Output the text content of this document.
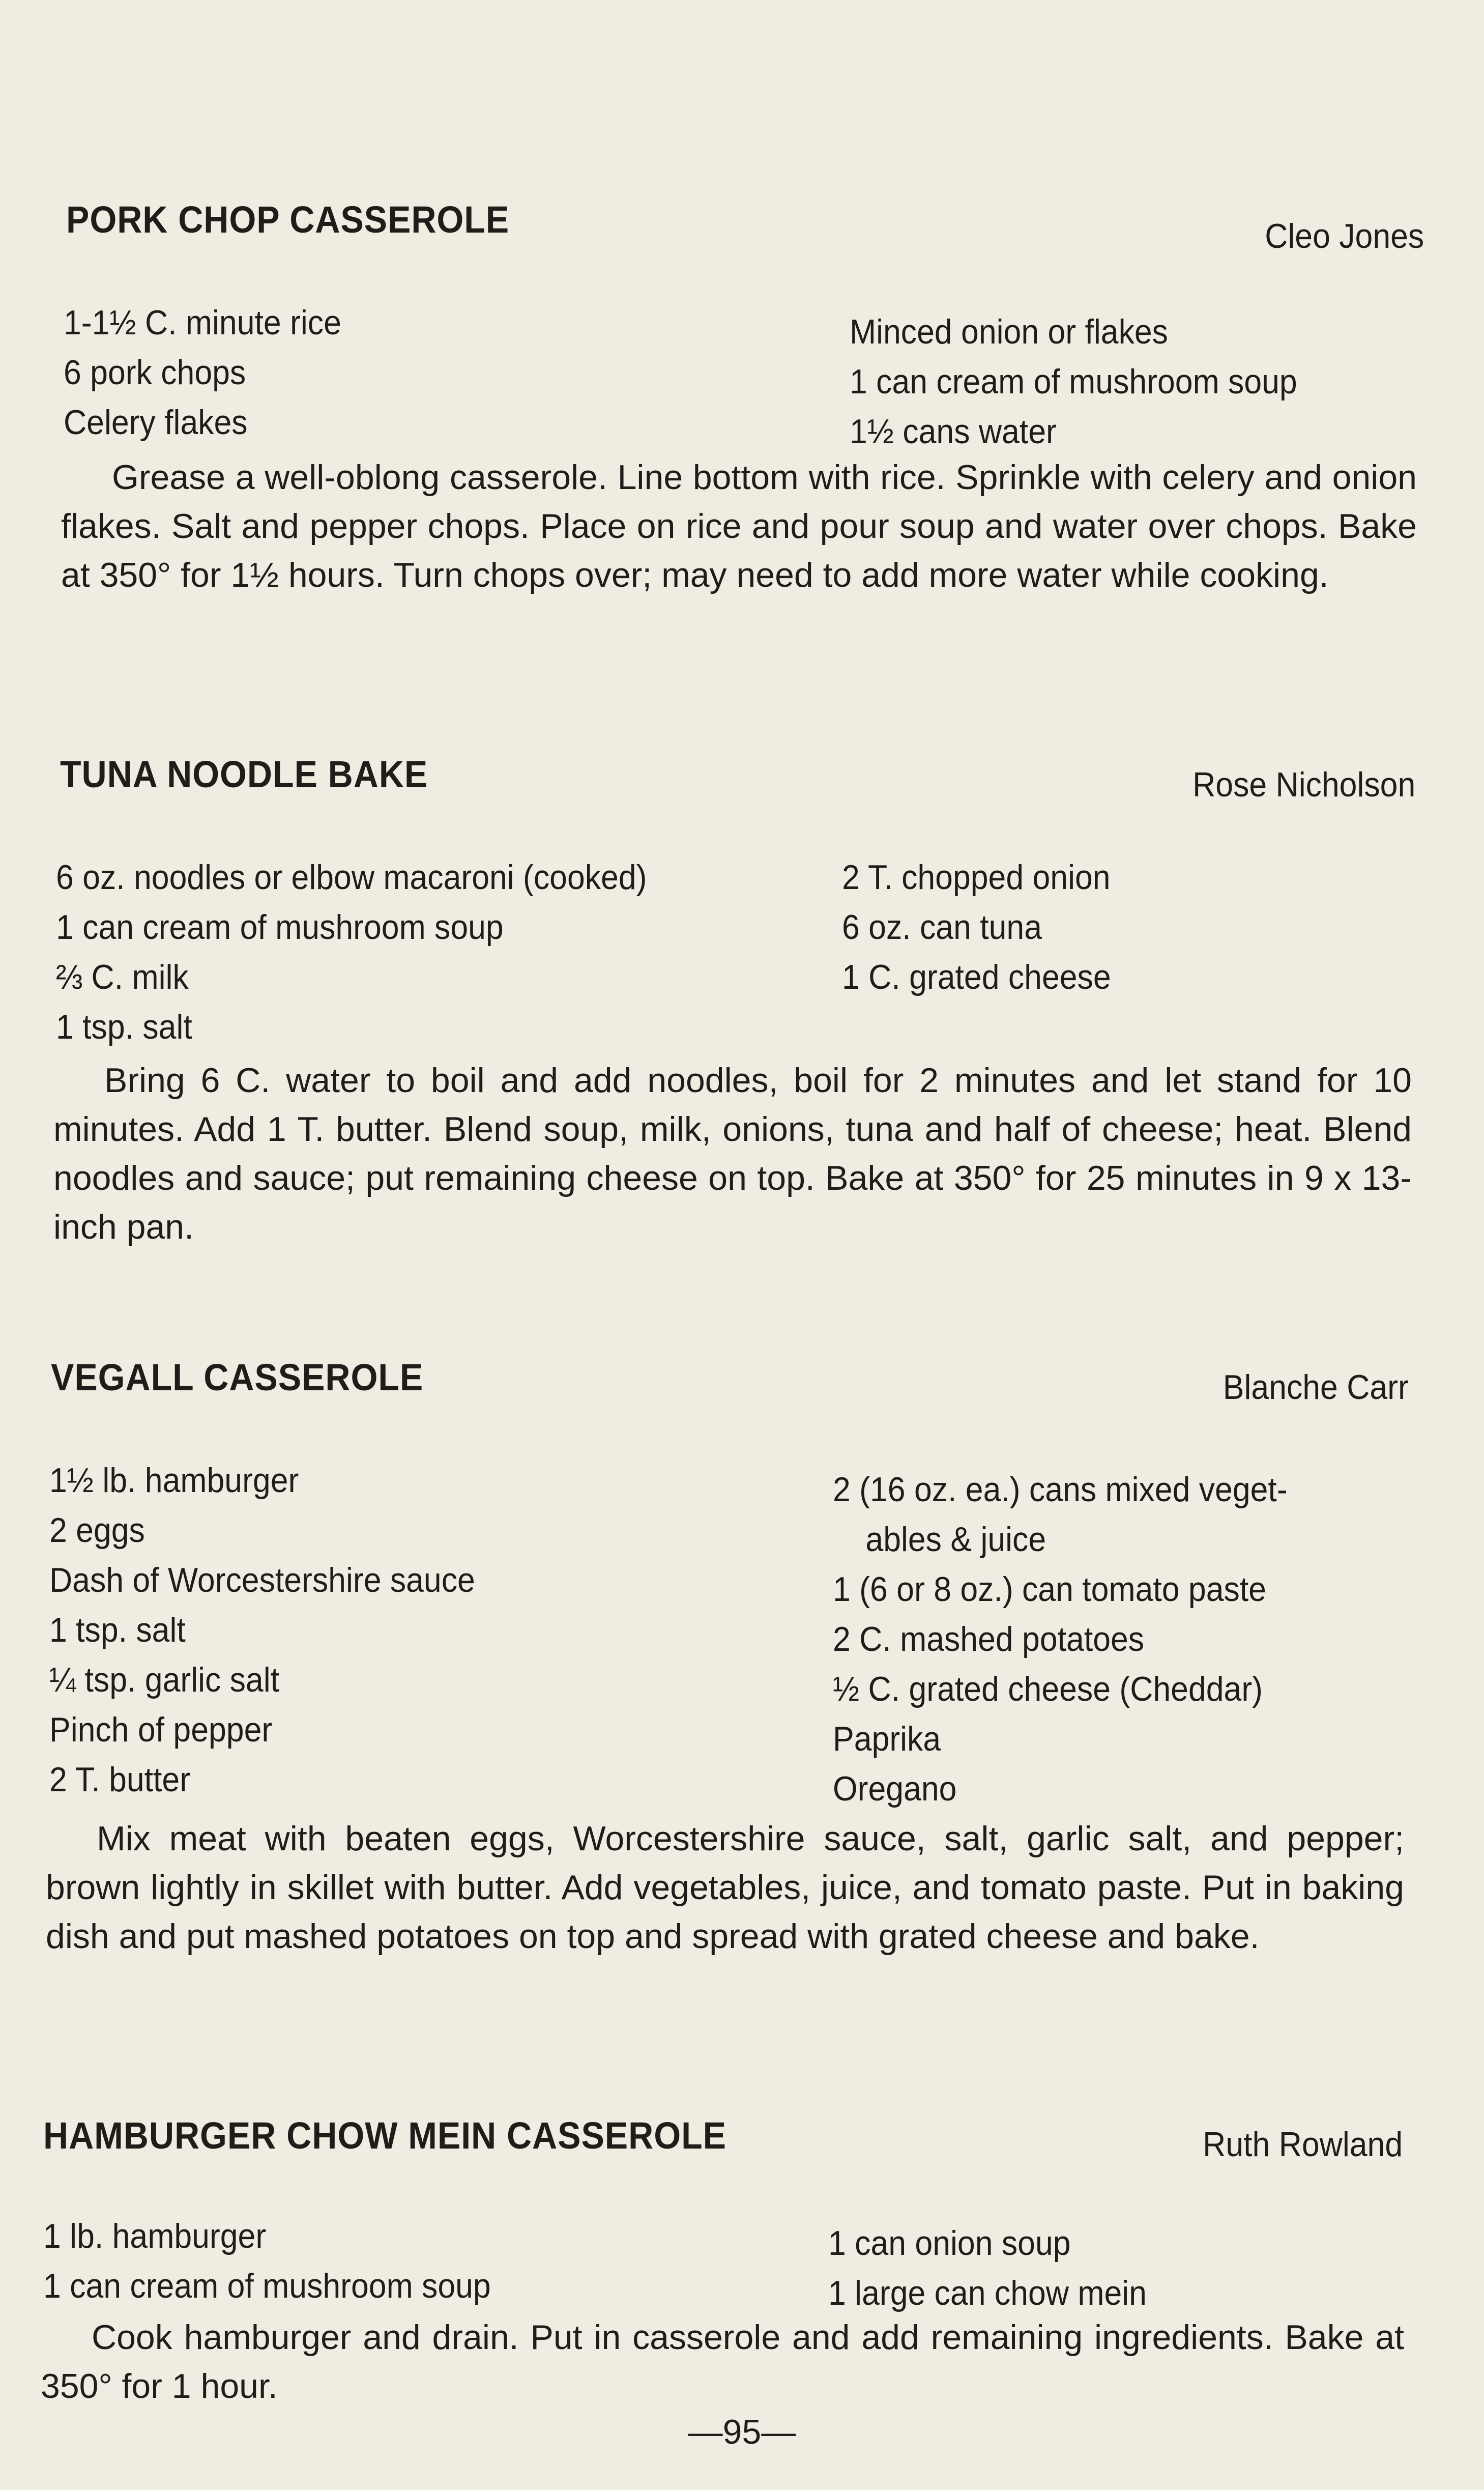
PORK CHOP CASSEROLE	Cleo Jones
1-1½ C. minute rice
6 pork chops
Celery flakes
Minced onion or flakes
1 can cream of mushroom soup
1½ cans water
Grease a well-oblong casserole. Line bottom with rice. Sprinkle with celery and onion flakes. Salt and pepper chops. Place on rice and pour soup and water over chops. Bake at 350° for 1½ hours. Turn chops over; may need to add more water while cooking.
TUNA NOODLE BAKE	Rose Nicholson
6 oz. noodles or elbow macaroni (cooked)
1 can cream of mushroom soup
⅔ C. milk
1 tsp. salt
2 T. chopped onion
6 oz. can tuna
1 C. grated cheese
Bring 6 C. water to boil and add noodles, boil for 2 minutes and let stand for 10 minutes. Add 1 T. butter. Blend soup, milk, onions, tuna and half of cheese; heat. Blend noodles and sauce; put remaining cheese on top. Bake at 350° for 25 minutes in 9 x 13-inch pan.
VEGALL CASSEROLE	Blanche Carr
1½ lb. hamburger
2 eggs
Dash of Worcestershire sauce
1 tsp. salt
¼ tsp. garlic salt
Pinch of pepper
2 T. butter
2 (16 oz. ea.) cans mixed veget-
ables & juice
1 (6 or 8 oz.) can tomato paste
2 C. mashed potatoes
½ C. grated cheese (Cheddar)
Paprika
Oregano
Mix meat with beaten eggs, Worcestershire sauce, salt, garlic salt, and pepper; brown lightly in skillet with butter. Add vegetables, juice, and tomato paste. Put in baking dish and put mashed potatoes on top and spread with grated cheese and bake.
HAMBURGER CHOW MEIN CASSEROLE	Ruth Rowland
1 lb. hamburger
1 can cream of mushroom soup
1 can onion soup
1 large can chow mein
Cook hamburger and drain. Put in casserole and add remaining ingredients. Bake at 350° for 1 hour.
—95—
